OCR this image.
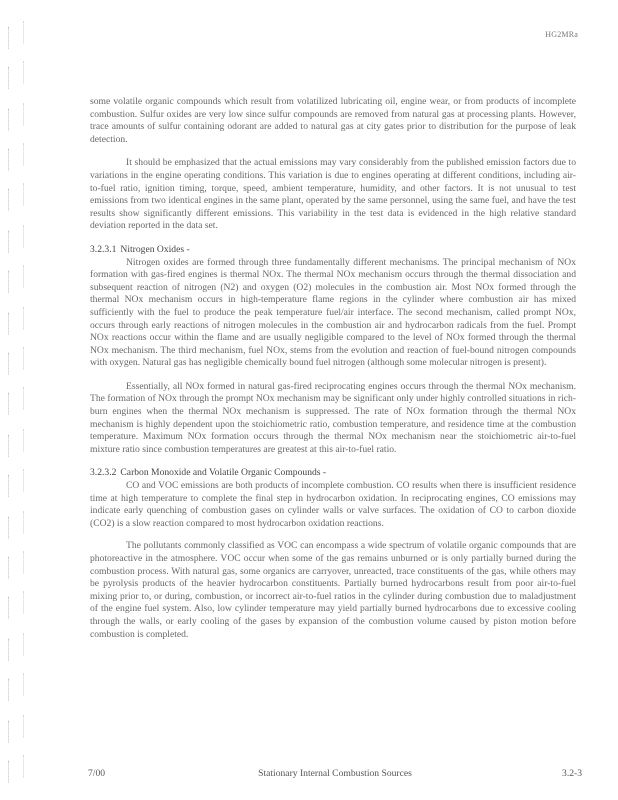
HG2MRa

some volatile organic compounds which result from volatilized lubricating oil, engine wear, or from products of incomplete combustion. Sulfur oxides are very low since sulfur compounds are removed from natural gas at processing plants. However, trace amounts of sulfur containing odorant are added to natural gas at city gates prior to distribution for the purpose of leak detection.

It should be emphasized that the actual emissions may vary considerably from the published emission factors due to variations in the engine operating conditions. This variation is due to engines operating at different conditions, including air-to-fuel ratio, ignition timing, torque, speed, ambient temperature, humidity, and other factors. It is not unusual to test emissions from two identical engines in the same plant, operated by the same personnel, using the same fuel, and have the test results show significantly different emissions. This variability in the test data is evidenced in the high relative standard deviation reported in the data set.

3.2.3.1 Nitrogen Oxides -

Nitrogen oxides are formed through three fundamentally different mechanisms. The principal mechanism of NOx formation with gas-fired engines is thermal NOx. The thermal NOx mechanism occurs through the thermal dissociation and subsequent reaction of nitrogen (N2) and oxygen (O2) molecules in the combustion air. Most NOx formed through the thermal NOx mechanism occurs in high-temperature flame regions in the cylinder where combustion air has mixed sufficiently with the fuel to produce the peak temperature fuel/air interface. The second mechanism, called prompt NOx, occurs through early reactions of nitrogen molecules in the combustion air and hydrocarbon radicals from the fuel. Prompt NOx reactions occur within the flame and are usually negligible compared to the level of NOx formed through the thermal NOx mechanism. The third mechanism, fuel NOx, stems from the evolution and reaction of fuel-bound nitrogen compounds with oxygen. Natural gas has negligible chemically bound fuel nitrogen (although some molecular nitrogen is present).

Essentially, all NOx formed in natural gas-fired reciprocating engines occurs through the thermal NOx mechanism. The formation of NOx through the prompt NOx mechanism may be significant only under highly controlled situations in rich-burn engines when the thermal NOx mechanism is suppressed. The rate of NOx formation through the thermal NOx mechanism is highly dependent upon the stoichiometric ratio, combustion temperature, and residence time at the combustion temperature. Maximum NOx formation occurs through the thermal NOx mechanism near the stoichiometric air-to-fuel mixture ratio since combustion temperatures are greatest at this air-to-fuel ratio.

3.2.3.2 Carbon Monoxide and Volatile Organic Compounds -

CO and VOC emissions are both products of incomplete combustion. CO results when there is insufficient residence time at high temperature to complete the final step in hydrocarbon oxidation. In reciprocating engines, CO emissions may indicate early quenching of combustion gases on cylinder walls or valve surfaces. The oxidation of CO to carbon dioxide (CO2) is a slow reaction compared to most hydrocarbon oxidation reactions.

The pollutants commonly classified as VOC can encompass a wide spectrum of volatile organic compounds that are photoreactive in the atmosphere. VOC occur when some of the gas remains unburned or is only partially burned during the combustion process. With natural gas, some organics are carryover, unreacted, trace constituents of the gas, while others may be pyrolysis products of the heavier hydrocarbon constituents. Partially burned hydrocarbons result from poor air-to-fuel mixing prior to, or during, combustion, or incorrect air-to-fuel ratios in the cylinder during combustion due to maladjustment of the engine fuel system. Also, low cylinder temperature may yield partially burned hydrocarbons due to excessive cooling through the walls, or early cooling of the gases by expansion of the combustion volume caused by piston motion before combustion is completed.

7/00	Stationary Internal Combustion Sources	3.2-3
